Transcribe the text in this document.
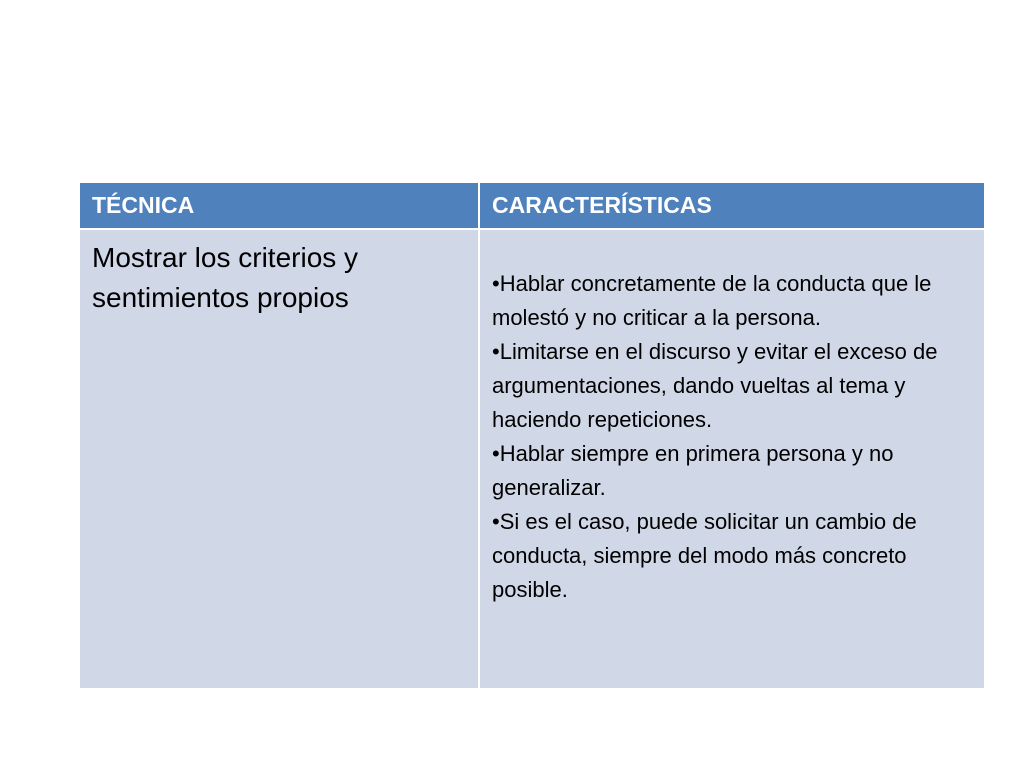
TÉCNICA	CARACTERÍSTICAS
Mostrar los criterios y sentimientos propios	•Hablar concretamente de la conducta que le molestó y no criticar a la persona.
•Limitarse en el discurso y evitar el exceso de argumentaciones, dando vueltas al tema y haciendo repeticiones.
•Hablar siempre en primera persona y no generalizar.
•Si es el caso, puede solicitar un cambio de conducta, siempre del modo más concreto posible.
